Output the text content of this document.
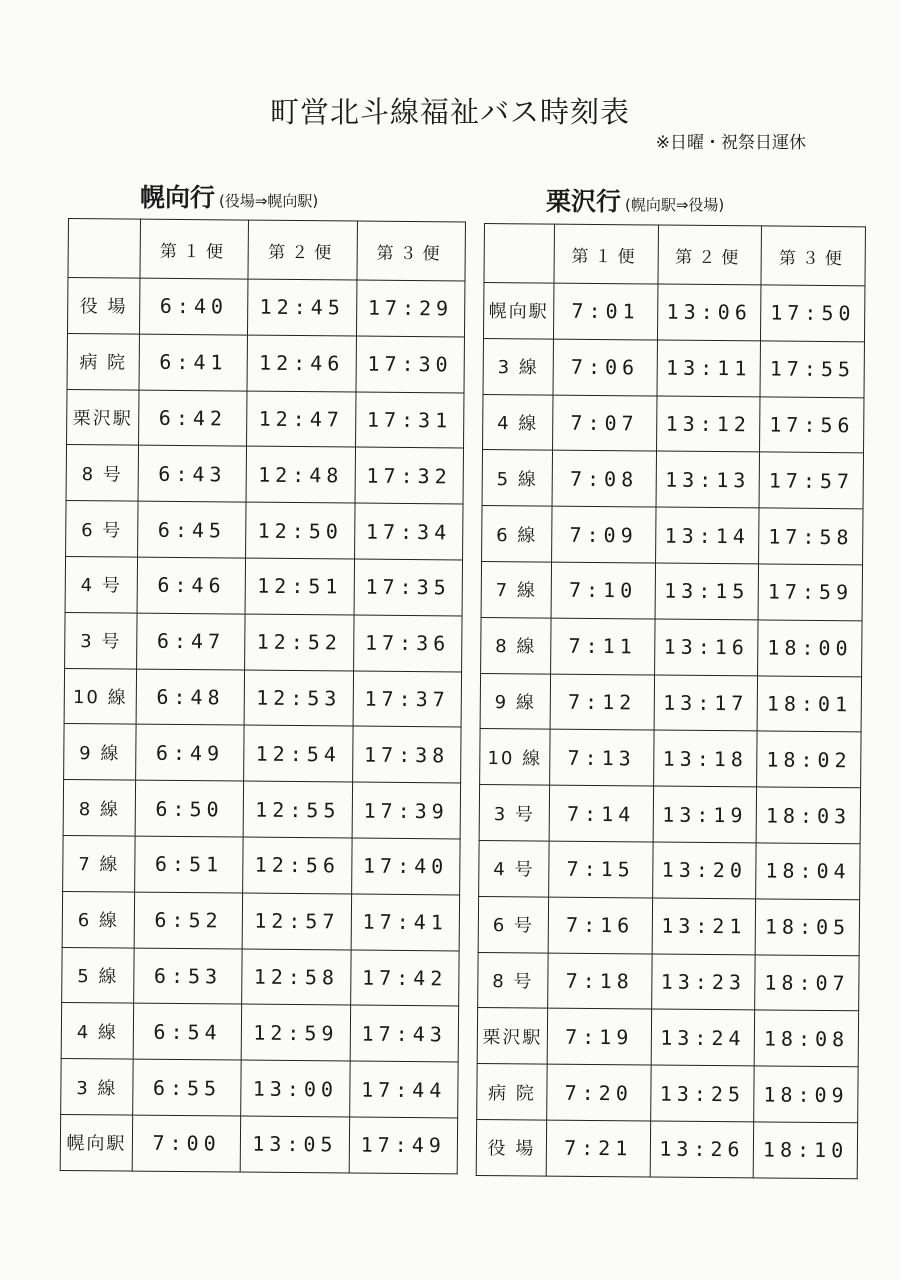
町営北斗線福祉バス時刻表
※日曜・祝祭日運休
幌向行 (役場⇒幌向駅)	栗沢行 (幌向駅⇒役場)
	第１便	第２便	第３便
役 場	6:40	12:45	17:29
病 院	6:41	12:46	17:30
栗沢駅	6:42	12:47	17:31
8 号	6:43	12:48	17:32
6 号	6:45	12:50	17:34
4 号	6:46	12:51	17:35
3 号	6:47	12:52	17:36
10 線	6:48	12:53	17:37
9 線	6:49	12:54	17:38
8 線	6:50	12:55	17:39
7 線	6:51	12:56	17:40
6 線	6:52	12:57	17:41
5 線	6:53	12:58	17:42
4 線	6:54	12:59	17:43
3 線	6:55	13:00	17:44
幌向駅	7:00	13:05	17:49
	第１便	第２便	第３便
幌向駅	7:01	13:06	17:50
3 線	7:06	13:11	17:55
4 線	7:07	13:12	17:56
5 線	7:08	13:13	17:57
6 線	7:09	13:14	17:58
7 線	7:10	13:15	17:59
8 線	7:11	13:16	18:00
9 線	7:12	13:17	18:01
10 線	7:13	13:18	18:02
3 号	7:14	13:19	18:03
4 号	7:15	13:20	18:04
6 号	7:16	13:21	18:05
8 号	7:18	13:23	18:07
栗沢駅	7:19	13:24	18:08
病 院	7:20	13:25	18:09
役 場	7:21	13:26	18:10
